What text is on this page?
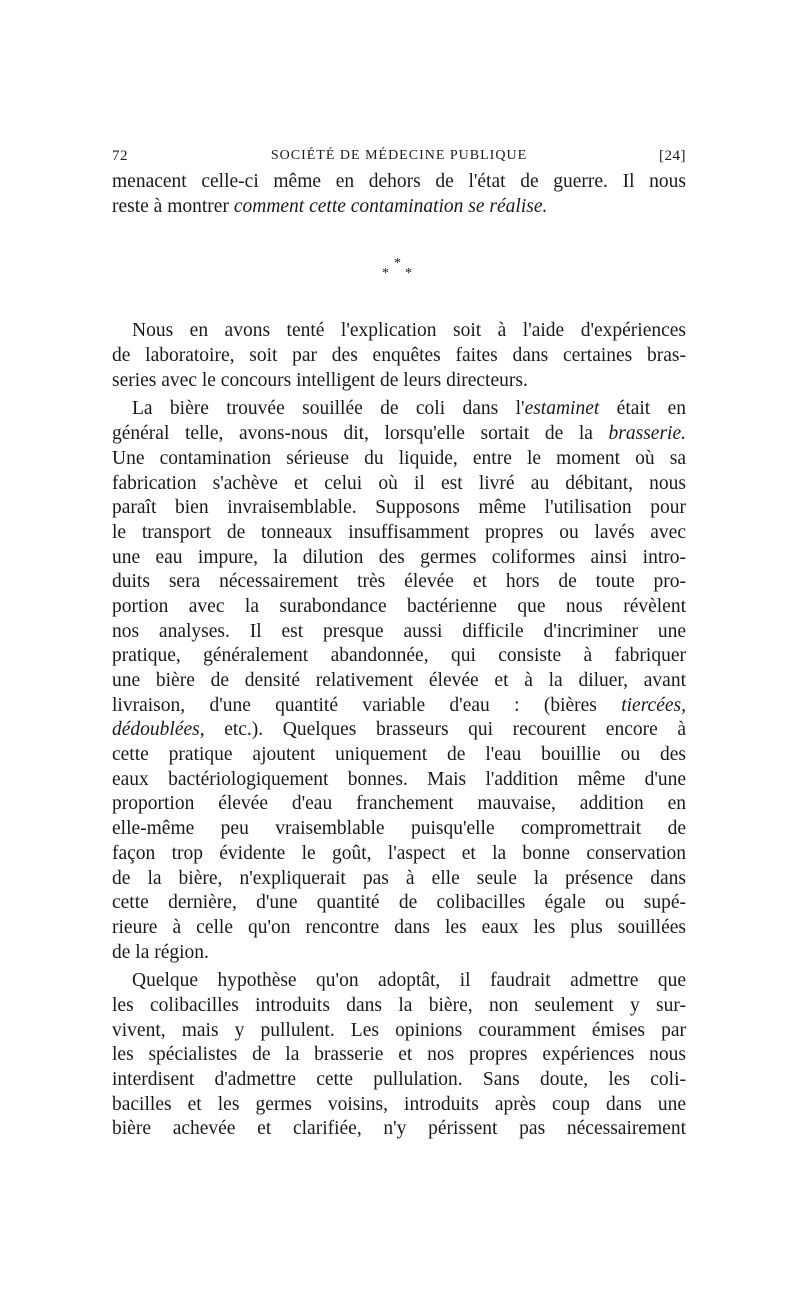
72	SOCIÉTÉ DE MÉDECINE PUBLIQUE	[24]
menacent celle-ci même en dehors de l'état de guerre. Il nous
reste à montrer comment cette contamination se réalise.
*
* *
Nous en avons tenté l'explication soit à l'aide d'expériences
de laboratoire, soit par des enquêtes faites dans certaines bras-
series avec le concours intelligent de leurs directeurs.
La bière trouvée souillée de coli dans l'estaminet était en
général telle, avons-nous dit, lorsqu'elle sortait de la brasserie.
Une contamination sérieuse du liquide, entre le moment où sa
fabrication s'achève et celui où il est livré au débitant, nous
paraît bien invraisemblable. Supposons même l'utilisation pour
le transport de tonneaux insuffisamment propres ou lavés avec
une eau impure, la dilution des germes coliformes ainsi intro-
duits sera nécessairement très élevée et hors de toute pro-
portion avec la surabondance bactérienne que nous révèlent
nos analyses. Il est presque aussi difficile d'incriminer une
pratique, généralement abandonnée, qui consiste à fabriquer
une bière de densité relativement élevée et à la diluer, avant
livraison, d'une quantité variable d'eau : (bières tiercées,
dédoublées, etc.). Quelques brasseurs qui recourent encore à
cette pratique ajoutent uniquement de l'eau bouillie ou des
eaux bactériologiquement bonnes. Mais l'addition même d'une
proportion élevée d'eau franchement mauvaise, addition en
elle-même peu vraisemblable puisqu'elle compromettrait de
façon trop évidente le goût, l'aspect et la bonne conservation
de la bière, n'expliquerait pas à elle seule la présence dans
cette dernière, d'une quantité de colibacilles égale ou supé-
rieure à celle qu'on rencontre dans les eaux les plus souillées
de la région.
Quelque hypothèse qu'on adoptât, il faudrait admettre que
les colibacilles introduits dans la bière, non seulement y sur-
vivent, mais y pullulent. Les opinions couramment émises par
les spécialistes de la brasserie et nos propres expériences nous
interdisent d'admettre cette pullulation. Sans doute, les coli-
bacilles et les germes voisins, introduits après coup dans une
bière achevée et clarifiée, n'y périssent pas nécessairement
